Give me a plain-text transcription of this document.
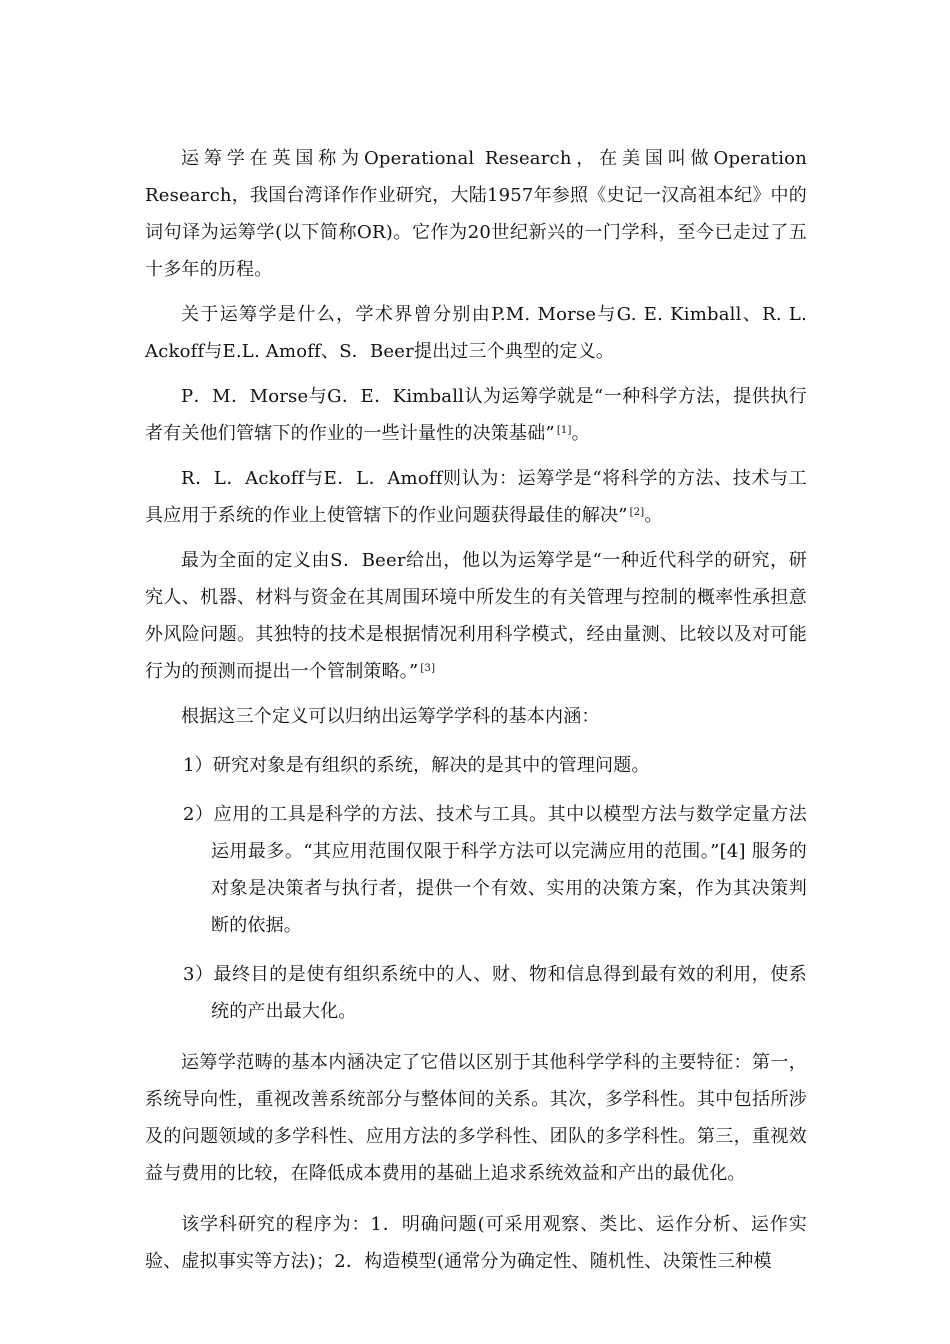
运筹学在英国称为Operational Research，在美国叫做Operation Research，我国台湾译作作业研究，大陆1957年参照《史记一汉高祖本纪》中的词句译为运筹学(以下简称OR)。它作为20世纪新兴的一门学科，至今已走过了五十多年的历程。

关于运筹学是什么，学术界曾分别由P.M. Morse与G. E. Kimball、R. L. Ackoff与E.L. Amoff、S．Beer提出过三个典型的定义。

P．M．Morse与G．E．Kimball认为运筹学就是“一种科学方法，提供执行者有关他们管辖下的作业的一些计量性的决策基础” [1]。

R．L．Ackoff与E．L．Amoff则认为：运筹学是“将科学的方法、技术与工具应用于系统的作业上使管辖下的作业问题获得最佳的解决” [2]。

最为全面的定义由S．Beer给出，他以为运筹学是“一种近代科学的研究，研究人、机器、材料与资金在其周围环境中所发生的有关管理与控制的概率性承担意外风险问题。其独特的技术是根据情况利用科学模式，经由量测、比较以及对可能行为的预测而提出一个管制策略。” [3]

根据这三个定义可以归纳出运筹学学科的基本内涵：

1）研究对象是有组织的系统，解决的是其中的管理问题。

2）应用的工具是科学的方法、技术与工具。其中以模型方法与数学定量方法运用最多。“其应用范围仅限于科学方法可以完满应用的范围。”[4] 服务的对象是决策者与执行者，提供一个有效、实用的决策方案，作为其决策判断的依据。

3）最终目的是使有组织系统中的人、财、物和信息得到最有效的利用，使系统的产出最大化。

运筹学范畴的基本内涵决定了它借以区别于其他科学学科的主要特征：第一，系统导向性，重视改善系统部分与整体间的关系。其次，多学科性。其中包括所涉及的问题领域的多学科性、应用方法的多学科性、团队的多学科性。第三，重视效益与费用的比较，在降低成本费用的基础上追求系统效益和产出的最优化。

该学科研究的程序为：1．明确问题(可采用观察、类比、运作分析、运作实验、虚拟事实等方法)；2．构造模型(通常分为确定性、随机性、决策性三种模
